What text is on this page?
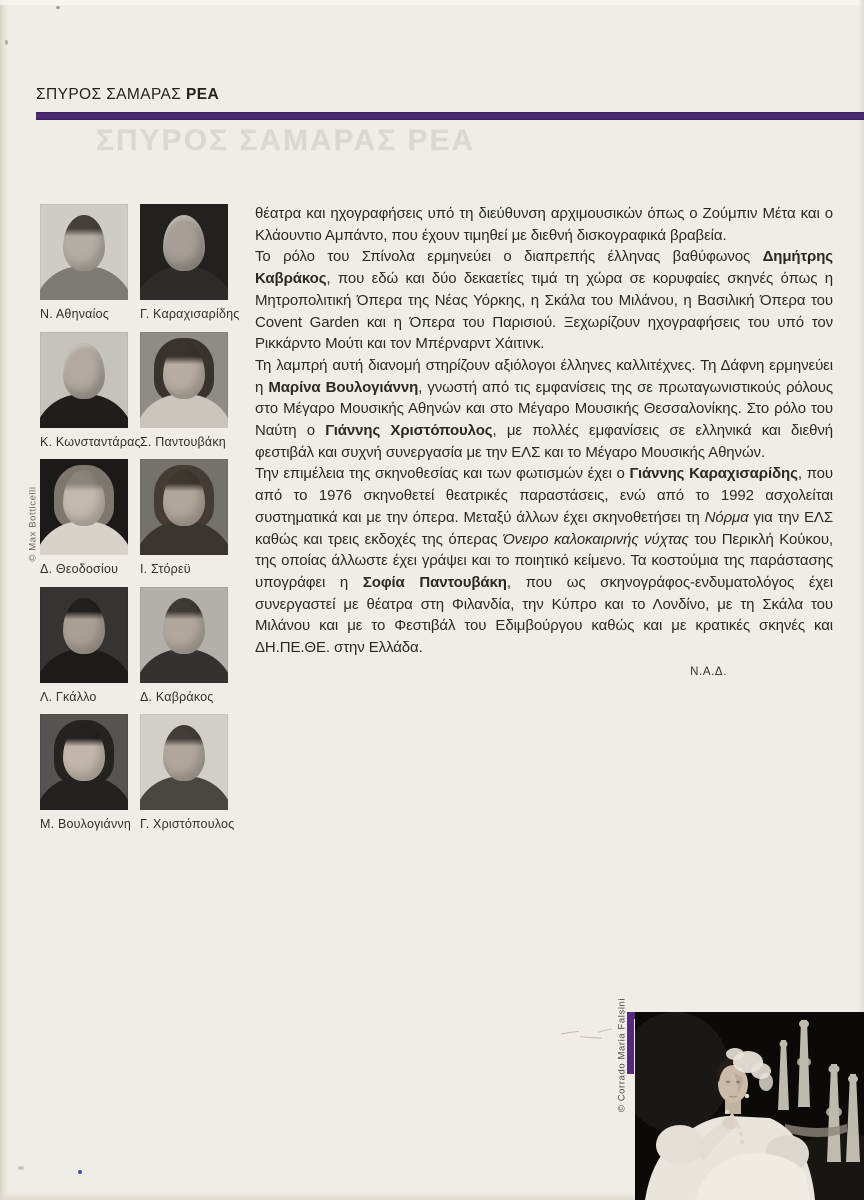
ΣΠΥΡΟΣ ΣΑΜΑΡΑΣ ΡΕΑ
ΣΠΥΡΟΣ ΣΑΜΑΡΑΣ ΡΕΑ
Ν. Αθηναίος	Γ. Καραχισαρίδης
Κ. Κωνσταντάρας Σ. Παντουβάκη
Δ. Θεοδοσίου	Ι. Στόρεϋ
Λ. Γκάλλο	Δ. Καβράκος
Μ. Βουλογιάννη Γ. Χριστόπουλος
© Max Botticelli

θέατρα και ηχογραφήσεις υπό τη διεύθυνση αρχιμουσικών όπως ο Ζούμπιν Μέτα και ο Κλάουντιο Αμπάντο, που έχουν τιμηθεί με διεθνή δισκογραφικά βραβεία.

Το ρόλο του Σπίνολα ερμηνεύει ο διαπρεπής έλληνας βαθύφωνος Δημήτρης Καβράκος, που εδώ και δύο δεκαετίες τιμά τη χώρα σε κορυφαίες σκηνές όπως η Μητροπολιτική Όπερα της Νέας Υόρκης, η Σκάλα του Μιλάνου, η Βασιλική Όπερα του Covent Garden και η Όπερα του Παρισιού. Ξεχωρίζουν ηχογραφήσεις του υπό τον Ρικκάρντο Μούτι και τον Μπέρναρντ Χάιτινκ.

Τη λαμπρή αυτή διανομή στηρίζουν αξιόλογοι έλληνες καλλιτέχνες. Τη Δάφνη ερμηνεύει η Μαρίνα Βουλογιάννη, γνωστή από τις εμφανίσεις της σε πρωταγωνιστικούς ρόλους στο Μέγαρο Μουσικής Αθηνών και στο Μέγαρο Μουσικής Θεσσαλονίκης. Στο ρόλο του Ναύτη ο Γιάννης Χριστόπουλος, με πολλές εμφανίσεις σε ελληνικά και διεθνή φεστιβάλ και συχνή συνεργασία με την ΕΛΣ και το Μέγαρο Μουσικής Αθηνών.

Την επιμέλεια της σκηνοθεσίας και των φωτισμών έχει ο Γιάννης Καραχισαρίδης, που από το 1976 σκηνοθετεί θεατρικές παραστάσεις, ενώ από το 1992 ασχολείται συστηματικά και με την όπερα. Μεταξύ άλλων έχει σκηνοθετήσει τη Νόρμα για την ΕΛΣ καθώς και τρεις εκδοχές της όπερας Όνειρο καλοκαιρινής νύχτας του Περικλή Κούκου, της οποίας άλλωστε έχει γράψει και το ποιητικό κείμενο. Τα κοστούμια της παράστασης υπογράφει η Σοφία Παντουβάκη, που ως σκηνογράφος-ενδυματολόγος έχει συνεργαστεί με θέατρα στη Φιλανδία, την Κύπρο και το Λονδίνο, με τη Σκάλα του Μιλάνου και με το Φεστιβάλ του Εδιμβούργου καθώς και με κρατικές σκηνές και ΔΗ.ΠΕ.ΘΕ. στην Ελλάδα.

Ν.Α.Δ.
© Corrado Maria Falsini
